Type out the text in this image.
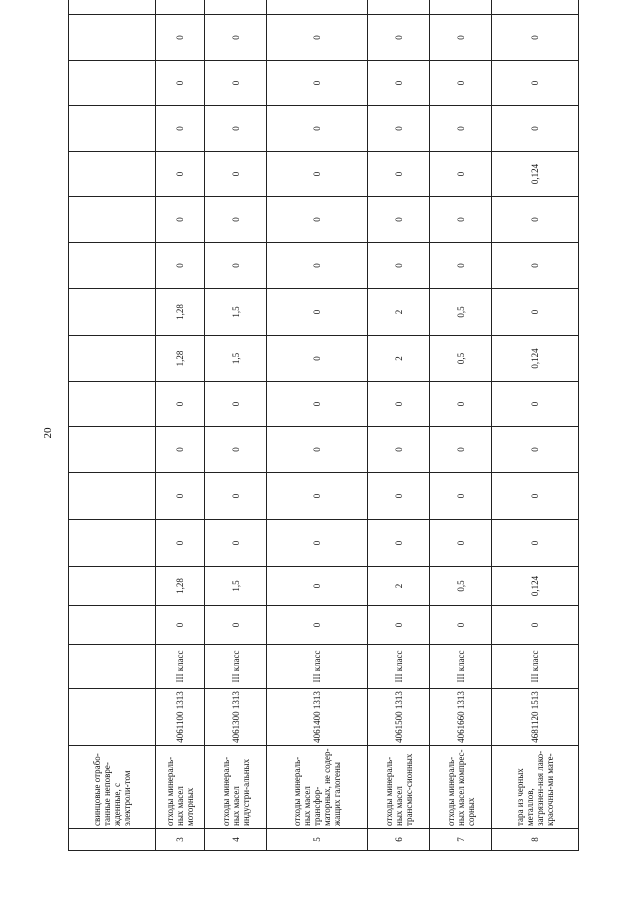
20
	свинцовые отрабо-танные неповре-жденные, с электроли-том																		
3	отходы минераль-ных масел моторных	4061100 1313	III класс	0	1,28	0	0	0	0	1,28	1,28	0	0	0	0	0	0		
4	отходы минераль-ных масел индустри-альных	4061300 1313	III класс	0	1,5	0	0	0	0	1,5	1,5	0	0	0	0	0	0		
5	отходы минераль-ных масел трансфор-маторных, не содер-жащих галогены	4061400 1313	III класс	0	0	0	0	0	0	0	0	0	0	0	0	0	0		
6	отходы минераль-ных масел трансмис-сионных	4061500 1313	III класс	0	2	0	0	0	0	2	2	0	0	0	0	0	0		
7	отходы минераль-ных масел компрес-сорных	4061660 1313	III класс	0	0,5	0	0	0	0	0,5	0,5	0	0	0	0	0	0		
8	тара из черных металлов, загрязнен-ная лако-красочны-ми мате-	4681120 1513	III класс	0	0,124	0	0	0	0	0,124	0	0	0	0,124	0	0	0		
